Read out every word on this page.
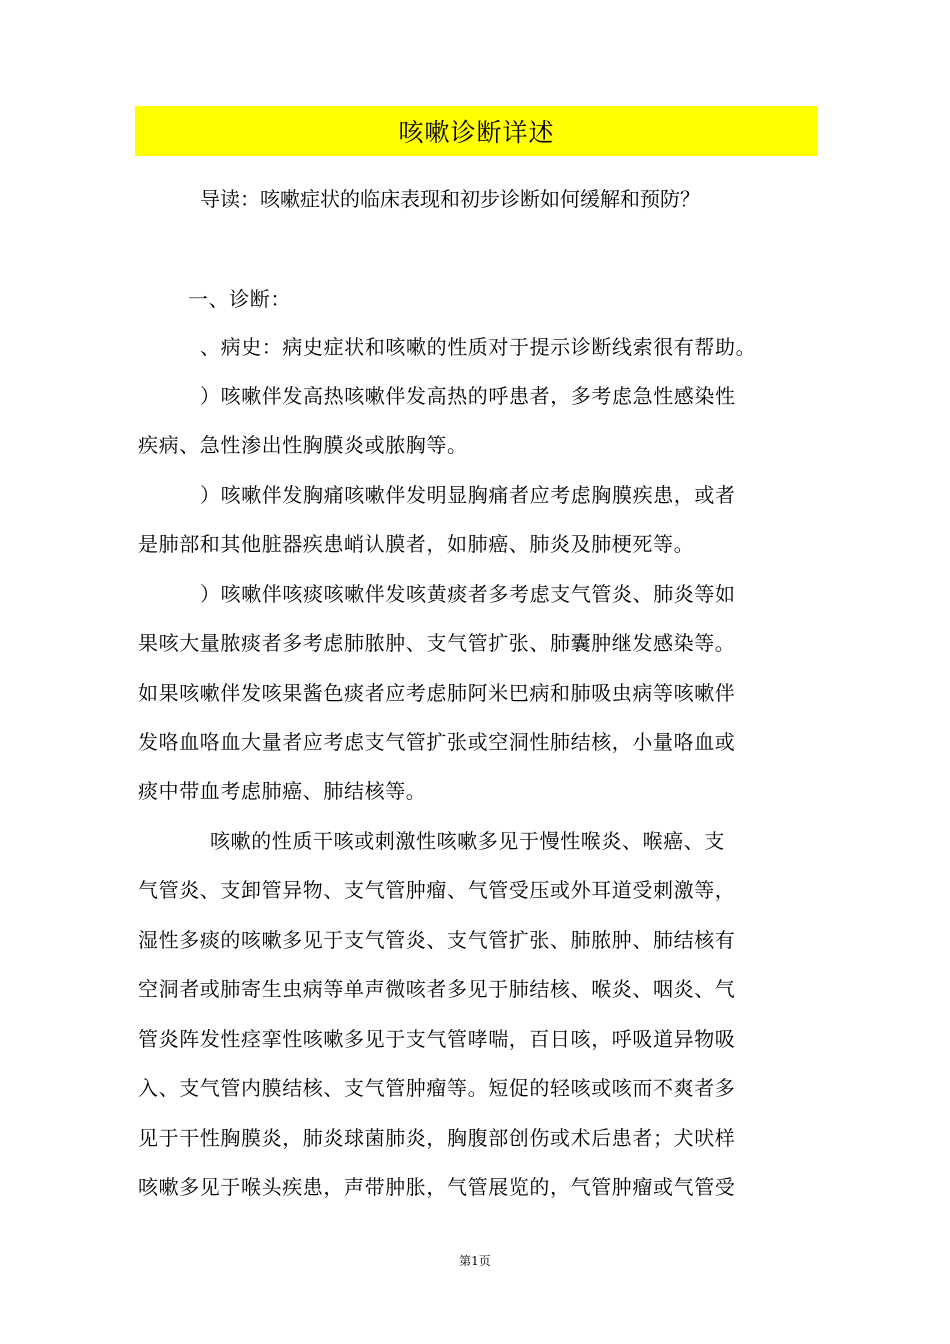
咳嗽诊断详述
导读：咳嗽症状的临床表现和初步诊断如何缓解和预防？
一、诊断：
、病史：病史症状和咳嗽的性质对于提示诊断线索很有帮助。
）咳嗽伴发高热咳嗽伴发高热的呼患者，多考虑急性感染性
疾病、急性渗出性胸膜炎或脓胸等。
）咳嗽伴发胸痛咳嗽伴发明显胸痛者应考虑胸膜疾患，或者
是肺部和其他脏器疾患峭认膜者，如肺癌、肺炎及肺梗死等。
）咳嗽伴咳痰咳嗽伴发咳黄痰者多考虑支气管炎、肺炎等如
果咳大量脓痰者多考虑肺脓肿、支气管扩张、肺囊肿继发感染等。
如果咳嗽伴发咳果酱色痰者应考虑肺阿米巴病和肺吸虫病等咳嗽伴
发咯血咯血大量者应考虑支气管扩张或空洞性肺结核，小量咯血或
痰中带血考虑肺癌、肺结核等。
咳嗽的性质干咳或刺激性咳嗽多见于慢性喉炎、喉癌、支
气管炎、支卸管异物、支气管肿瘤、气管受压或外耳道受刺激等，
湿性多痰的咳嗽多见于支气管炎、支气管扩张、肺脓肿、肺结核有
空洞者或肺寄生虫病等单声微咳者多见于肺结核、喉炎、咽炎、气
管炎阵发性痉挛性咳嗽多见于支气管哮喘，百日咳，呼吸道异物吸
入、支气管内膜结核、支气管肿瘤等。短促的轻咳或咳而不爽者多
见于干性胸膜炎，肺炎球菌肺炎，胸腹部创伤或术后患者；犬吠样
咳嗽多见于喉头疾患，声带肿胀，气管展览的，气管肿瘤或气管受
第1页
